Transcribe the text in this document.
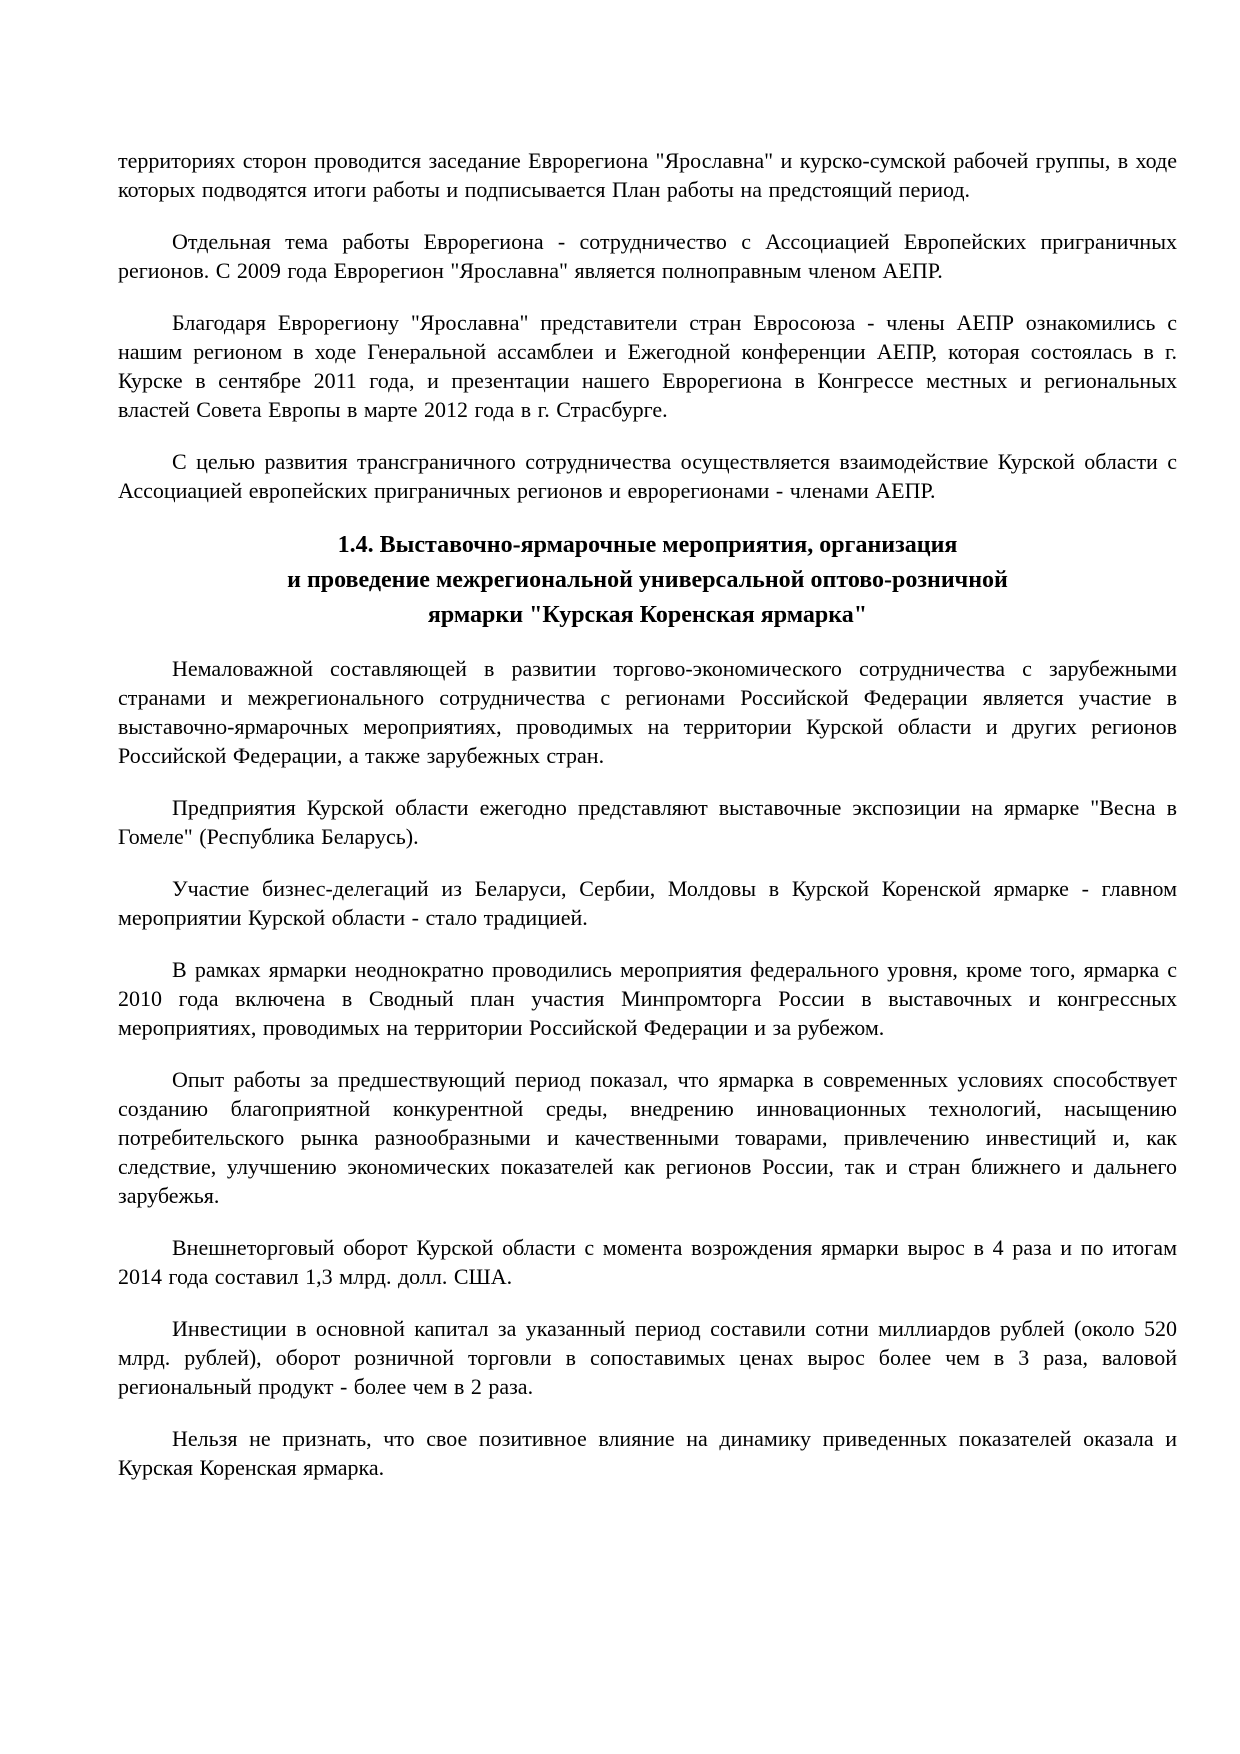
территориях сторон проводится заседание Еврорегиона "Ярославна" и курско-сумской рабочей группы, в ходе которых подводятся итоги работы и подписывается План работы на предстоящий период.

Отдельная тема работы Еврорегиона - сотрудничество с Ассоциацией Европейских приграничных регионов. С 2009 года Еврорегион "Ярославна" является полноправным членом АЕПР.

Благодаря Еврорегиону "Ярославна" представители стран Евросоюза - члены АЕПР ознакомились с нашим регионом в ходе Генеральной ассамблеи и Ежегодной конференции АЕПР, которая состоялась в г. Курске в сентябре 2011 года, и презентации нашего Еврорегиона в Конгрессе местных и региональных властей Совета Европы в марте 2012 года в г. Страсбурге.

С целью развития трансграничного сотрудничества осуществляется взаимодействие Курской области с Ассоциацией европейских приграничных регионов и еврорегионами - членами АЕПР.

1.4. Выставочно-ярмарочные мероприятия, организация
и проведение межрегиональной универсальной оптово-розничной
ярмарки "Курская Коренская ярмарка"

Немаловажной составляющей в развитии торгово-экономического сотрудничества с зарубежными странами и межрегионального сотрудничества с регионами Российской Федерации является участие в выставочно-ярмарочных мероприятиях, проводимых на территории Курской области и других регионов Российской Федерации, а также зарубежных стран.

Предприятия Курской области ежегодно представляют выставочные экспозиции на ярмарке "Весна в Гомеле" (Республика Беларусь).

Участие бизнес-делегаций из Беларуси, Сербии, Молдовы в Курской Коренской ярмарке - главном мероприятии Курской области - стало традицией.

В рамках ярмарки неоднократно проводились мероприятия федерального уровня, кроме того, ярмарка с 2010 года включена в Сводный план участия Минпромторга России в выставочных и конгрессных мероприятиях, проводимых на территории Российской Федерации и за рубежом.

Опыт работы за предшествующий период показал, что ярмарка в современных условиях способствует созданию благоприятной конкурентной среды, внедрению инновационных технологий, насыщению потребительского рынка разнообразными и качественными товарами, привлечению инвестиций и, как следствие, улучшению экономических показателей как регионов России, так и стран ближнего и дальнего зарубежья.

Внешнеторговый оборот Курской области с момента возрождения ярмарки вырос в 4 раза и по итогам 2014 года составил 1,3 млрд. долл. США.

Инвестиции в основной капитал за указанный период составили сотни миллиардов рублей (около 520 млрд. рублей), оборот розничной торговли в сопоставимых ценах вырос более чем в 3 раза, валовой региональный продукт - более чем в 2 раза.

Нельзя не признать, что свое позитивное влияние на динамику приведенных показателей оказала и Курская Коренская ярмарка.
